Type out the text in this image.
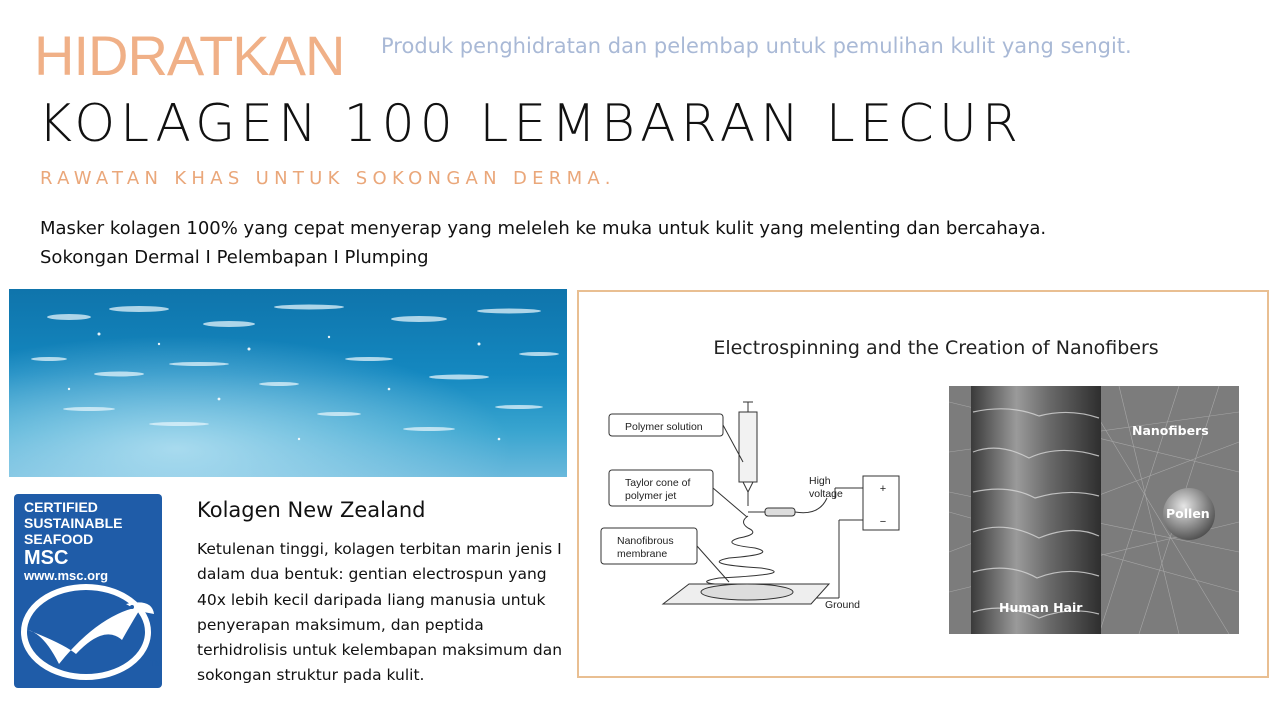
HIDRATKAN Produk penghidratan dan pelembap untuk pemulihan kulit yang sengit.
KOLAGEN 100 LEMBARAN LECUR
RAWATAN KHAS UNTUK SOKONGAN DERMA.
Masker kolagen 100% yang cepat menyerap yang meleleh ke muka untuk kulit yang melenting dan bercahaya.
Sokongan Dermal I Pelembapan I Plumping
CERTIFIED
SUSTAINABLE
SEAFOOD
MSC
www.msc.org
TM
Kolagen New Zealand
Ketulenan tinggi, kolagen terbitan marin jenis I dalam dua bentuk: gentian electrospun yang 40x lebih kecil daripada liang manusia untuk penyerapan maksimum, dan peptida terhidrolisis untuk kelembapan maksimum dan sokongan struktur pada kulit.
Electrospinning and the Creation of Nanofibers
Polymer solution
Taylor cone of
polymer jet
Nanofibrous
membrane
High
voltage
Ground
+
−
Nanofibers
Pollen
Human Hair
